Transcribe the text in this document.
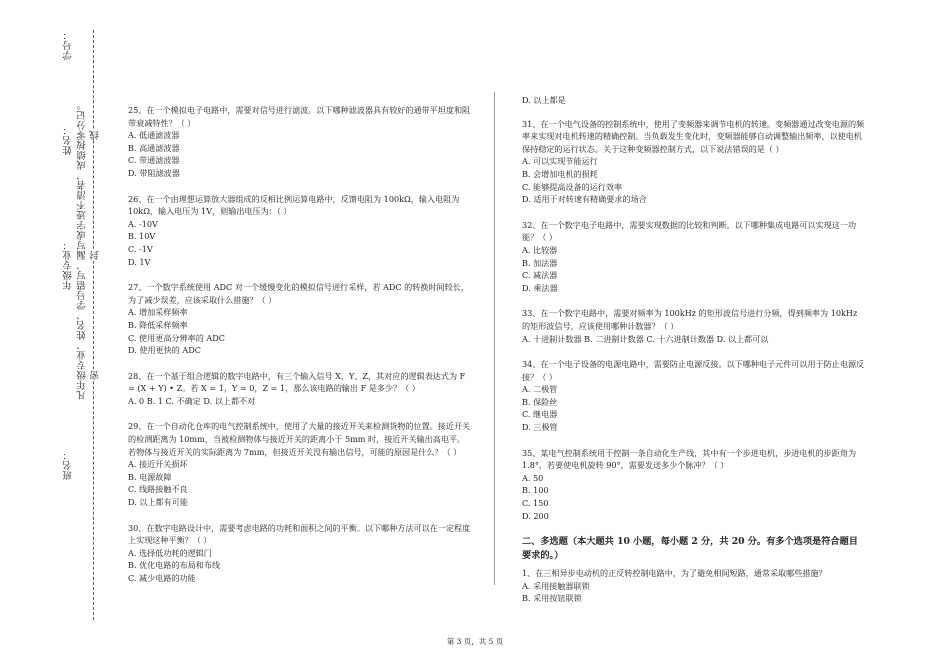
学号：
姓名：
年级专业：
班名：
凡年级专业、姓名、学号错写、漏写或字迹不清者，成绩按零分记。 线
封
密

25、在一个模拟电子电路中，需要对信号进行滤波。以下哪种滤波器具有较好的通带平坦度和阻带衰减特性？（ ）

A. 低通滤波器

B. 高通滤波器

C. 带通滤波器

D. 带阻滤波器

26、在一个由理想运算放大器组成的反相比例运算电路中，反馈电阻为 100kΩ，输入电阻为 10kΩ，输入电压为 1V，则输出电压为：（ ）

A. -10V

B. 10V

C. -1V

D. 1V

27、一个数字系统使用 ADC 对一个缓慢变化的模拟信号进行采样，若 ADC 的转换时间较长，为了减少误差，应该采取什么措施？（ ）

A. 增加采样频率

B. 降低采样频率

C. 使用更高分辨率的 ADC

D. 使用更快的 ADC

28、在一个基于组合逻辑的数字电路中，有三个输入信号 X、Y、Z，其对应的逻辑表达式为 F = (X + Y) • Z。若 X = 1，Y = 0，Z = 1，那么该电路的输出 F 是多少？（ ）

A. 0 B. 1 C. 不确定 D. 以上都不对

29、在一个自动化仓库的电气控制系统中，使用了大量的接近开关来检测货物的位置。接近开关的检测距离为 10mm，当被检测物体与接近开关的距离小于 5mm 时，接近开关输出高电平。若物体与接近开关的实际距离为 7mm，但接近开关没有输出信号，可能的原因是什么？（ ）

A. 接近开关损坏

B. 电源故障

C. 线路接触不良

D. 以上都有可能

30、在数字电路设计中，需要考虑电路的功耗和面积之间的平衡。以下哪种方法可以在一定程度上实现这种平衡？（ ）

A. 选择低功耗的逻辑门

B. 优化电路的布局和布线

C. 减少电路的功能

D. 以上都是

31、在一个电气设备的控制系统中，使用了变频器来调节电机的转速。变频器通过改变电源的频率来实现对电机转速的精确控制。当负载发生变化时，变频器能够自动调整输出频率，以使电机保持稳定的运行状态。关于这种变频器控制方式，以下说法错误的是（ ）

A. 可以实现节能运行

B. 会增加电机的损耗

C. 能够提高设备的运行效率

D. 适用于对转速有精确要求的场合

32、在一个数字电子电路中，需要实现数据的比较和判断。以下哪种集成电路可以实现这一功能？（ ）

A. 比较器

B. 加法器

C. 减法器

D. 乘法器

33、在一个数字电路中，需要对频率为 100kHz 的矩形波信号进行分频，得到频率为 10kHz 的矩形波信号，应该使用哪种计数器？（ ）

A. 十进制计数器 B. 二进制计数器 C. 十六进制计数器 D. 以上都可以

34、在一个电子设备的电源电路中，需要防止电源反接。以下哪种电子元件可以用于防止电源反接？（ ）

A. 二极管

B. 保险丝

C. 继电器

D. 三极管

35、某电气控制系统用于控制一条自动化生产线，其中有一个步进电机，步进电机的步距角为 1.8°，若要使电机旋转 90°，需要发送多少个脉冲？（ ）

A. 50

B. 100

C. 150

D. 200

二、多选题（本大题共 10 小题，每小题 2 分，共 20 分。有多个选项是符合题目要求的。）

1、在三相异步电动机的正反转控制电路中，为了避免相间短路，通常采取哪些措施？

A. 采用接触器联锁

B. 采用按钮联锁

第 3 页，共 5 页
